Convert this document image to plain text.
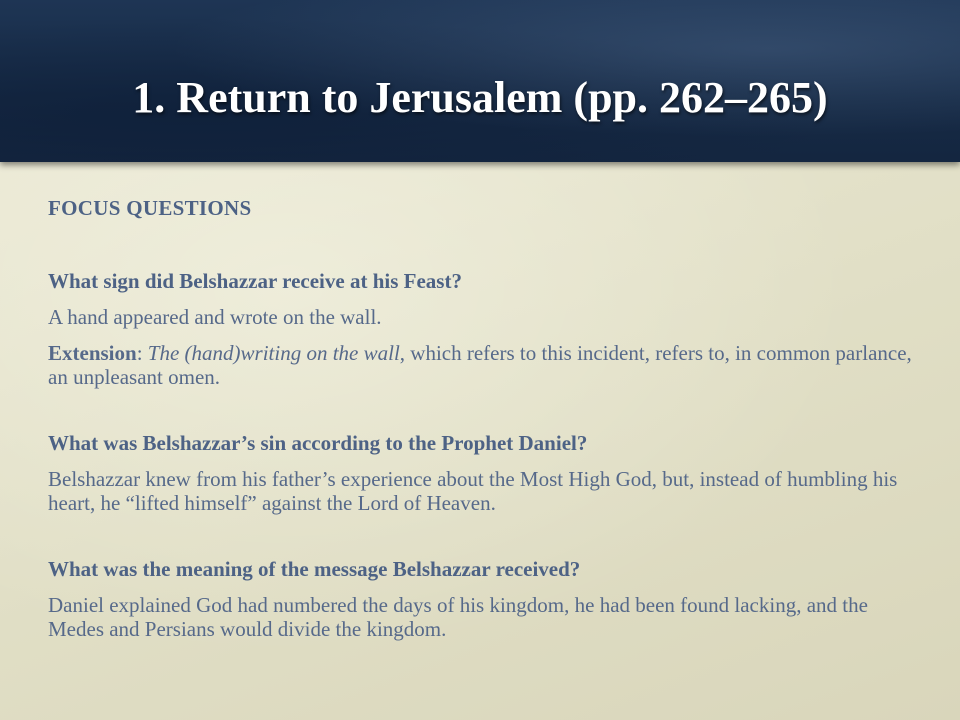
1. Return to Jerusalem (pp. 262–265)
FOCUS QUESTIONS
What sign did Belshazzar receive at his Feast?
A hand appeared and wrote on the wall.
Extension: The (hand)writing on the wall, which refers to this incident, refers to, in common parlance, an unpleasant omen.
What was Belshazzar’s sin according to the Prophet Daniel?
Belshazzar knew from his father’s experience about the Most High God, but, instead of humbling his heart, he “lifted himself” against the Lord of Heaven.
What was the meaning of the message Belshazzar received?
Daniel explained God had numbered the days of his kingdom, he had been found lacking, and the Medes and Persians would divide the kingdom.
